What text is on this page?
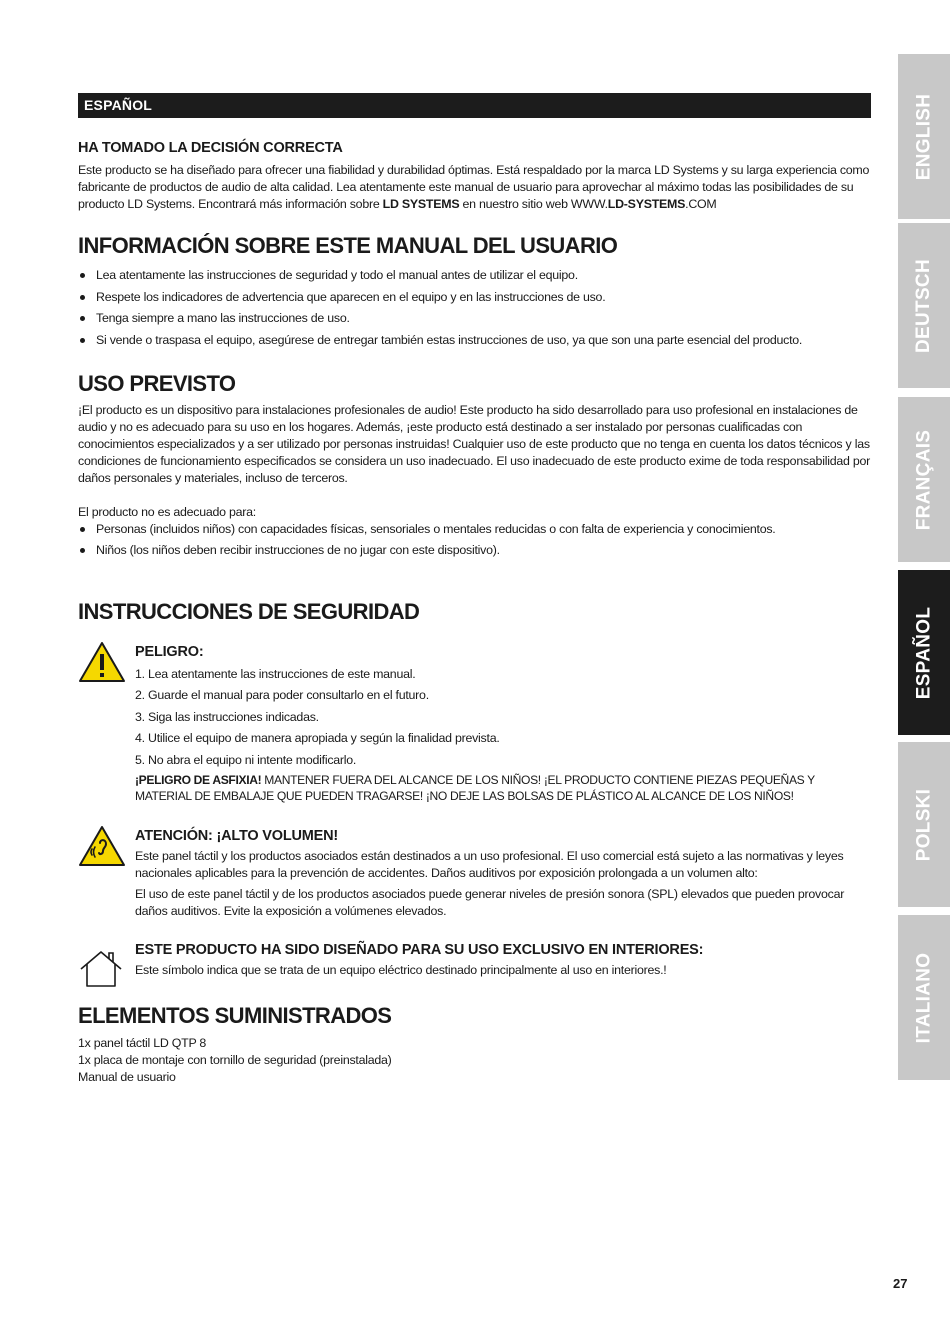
ESPAÑOL
HA TOMADO LA DECISIÓN CORRECTA

Este producto se ha diseñado para ofrecer una fiabilidad y durabilidad óptimas. Está respaldado por la marca LD Systems y su larga experiencia como fabricante de productos de audio de alta calidad. Lea atentamente este manual de usuario para aprovechar al máximo todas las posibilidades de su producto LD Systems. Encontrará más información sobre LD SYSTEMS en nuestro sitio web WWW.LD-SYSTEMS.COM

INFORMACIÓN SOBRE ESTE MANUAL DEL USUARIO
Lea atentamente las instrucciones de seguridad y todo el manual antes de utilizar el equipo.
Respete los indicadores de advertencia que aparecen en el equipo y en las instrucciones de uso.
Tenga siempre a mano las instrucciones de uso.
Si vende o traspasa el equipo, asegúrese de entregar también estas instrucciones de uso, ya que son una parte esencial del producto.
USO PREVISTO

¡El producto es un dispositivo para instalaciones profesionales de audio! Este producto ha sido desarrollado para uso profesional en instalaciones de audio y no es adecuado para su uso en los hogares. Además, ¡este producto está destinado a ser instalado por personas cualificadas con conocimientos especializados y a ser utilizado por personas instruidas! Cualquier uso de este producto que no tenga en cuenta los datos técnicos y las condiciones de funcionamiento especificados se considera un uso inadecuado. El uso inadecuado de este producto exime de toda responsabilidad por daños personales y materiales, incluso de terceros.

El producto no es adecuado para:

Personas (incluidos niños) con capacidades físicas, sensoriales o mentales reducidas o con falta de experiencia y conocimientos.
Niños (los niños deben recibir instrucciones de no jugar con este dispositivo).
INSTRUCCIONES DE SEGURIDAD
PELIGRO:
1. Lea atentamente las instrucciones de este manual.
2. Guarde el manual para poder consultarlo en el futuro.
3. Siga las instrucciones indicadas.
4. Utilice el equipo de manera apropiada y según la finalidad prevista.
5. No abra el equipo ni intente modificarlo.

¡PELIGRO DE ASFIXIA! MANTENER FUERA DEL ALCANCE DE LOS NIÑOS! ¡EL PRODUCTO CONTIENE PIEZAS PEQUEÑAS Y MATERIAL DE EMBALAJE QUE PUEDEN TRAGARSE! ¡NO DEJE LAS BOLSAS DE PLÁSTICO AL ALCANCE DE LOS NIÑOS!

ATENCIÓN: ¡ALTO VOLUMEN!

Este panel táctil y los productos asociados están destinados a un uso profesional. El uso comercial está sujeto a las normativas y leyes nacionales aplicables para la prevención de accidentes. Daños auditivos por exposición prolongada a un volumen alto:

El uso de este panel táctil y de los productos asociados puede generar niveles de presión sonora (SPL) elevados que pueden provocar daños auditivos. Evite la exposición a volúmenes elevados.

ESTE PRODUCTO HA SIDO DISEÑADO PARA SU USO EXCLUSIVO EN INTERIORES:

Este símbolo indica que se trata de un equipo eléctrico destinado principalmente al uso en interiores.!

ELEMENTOS SUMINISTRADOS

1x panel táctil LD QTP 8

1x placa de montaje con tornillo de seguridad (preinstalada)

Manual de usuario

ENGLISH
DEUTSCH
FRANÇAIS
ESPAÑOL
POLSKI
ITALIANO
27
